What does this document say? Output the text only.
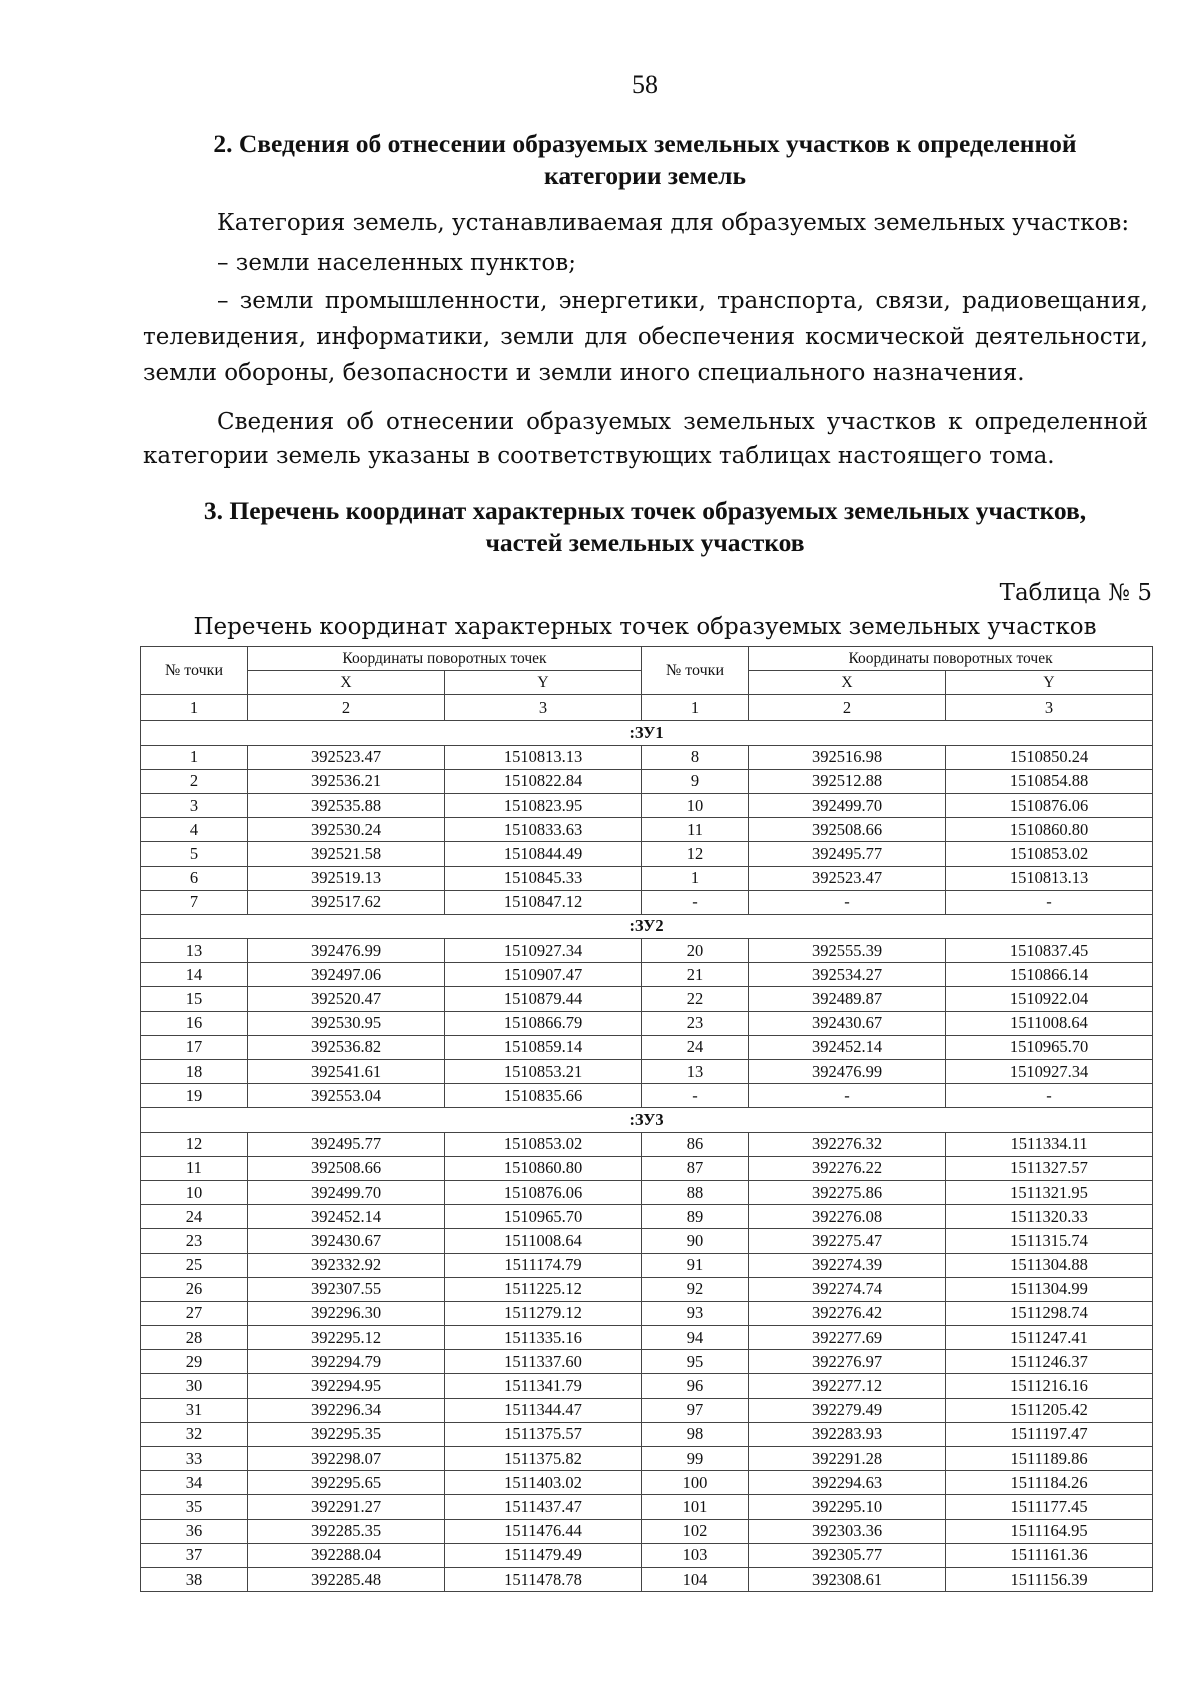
58
2. Сведения об отнесении образуемых земельных участков к определенной
категории земель
Категория земель, устанавливаемая для образуемых земельных участков:
– земли населенных пунктов;
– земли промышленности, энергетики, транспорта, связи, радиовещания, телевидения, информатики, земли для обеспечения космической деятельности, земли обороны, безопасности и земли иного специального назначения.
Сведения об отнесении образуемых земельных участков к определенной категории земель указаны в соответствующих таблицах настоящего тома.
3. Перечень координат характерных точек образуемых земельных участков,
частей земельных участков
Таблица № 5
Перечень координат характерных точек образуемых земельных участков
№ точки	Координаты поворотных точек		№ точки	Координаты поворотных точек	
	X	Y		X	Y
1	2	3	1	2	3
:ЗУ1					
1	392523.47	1510813.13	8	392516.98	1510850.24
2	392536.21	1510822.84	9	392512.88	1510854.88
3	392535.88	1510823.95	10	392499.70	1510876.06
4	392530.24	1510833.63	11	392508.66	1510860.80
5	392521.58	1510844.49	12	392495.77	1510853.02
6	392519.13	1510845.33	1	392523.47	1510813.13
7	392517.62	1510847.12	-	-	-
:ЗУ2					
13	392476.99	1510927.34	20	392555.39	1510837.45
14	392497.06	1510907.47	21	392534.27	1510866.14
15	392520.47	1510879.44	22	392489.87	1510922.04
16	392530.95	1510866.79	23	392430.67	1511008.64
17	392536.82	1510859.14	24	392452.14	1510965.70
18	392541.61	1510853.21	13	392476.99	1510927.34
19	392553.04	1510835.66	-	-	-
:ЗУ3					
12	392495.77	1510853.02	86	392276.32	1511334.11
11	392508.66	1510860.80	87	392276.22	1511327.57
10	392499.70	1510876.06	88	392275.86	1511321.95
24	392452.14	1510965.70	89	392276.08	1511320.33
23	392430.67	1511008.64	90	392275.47	1511315.74
25	392332.92	1511174.79	91	392274.39	1511304.88
26	392307.55	1511225.12	92	392274.74	1511304.99
27	392296.30	1511279.12	93	392276.42	1511298.74
28	392295.12	1511335.16	94	392277.69	1511247.41
29	392294.79	1511337.60	95	392276.97	1511246.37
30	392294.95	1511341.79	96	392277.12	1511216.16
31	392296.34	1511344.47	97	392279.49	1511205.42
32	392295.35	1511375.57	98	392283.93	1511197.47
33	392298.07	1511375.82	99	392291.28	1511189.86
34	392295.65	1511403.02	100	392294.63	1511184.26
35	392291.27	1511437.47	101	392295.10	1511177.45
36	392285.35	1511476.44	102	392303.36	1511164.95
37	392288.04	1511479.49	103	392305.77	1511161.36
38	392285.48	1511478.78	104	392308.61	1511156.39
